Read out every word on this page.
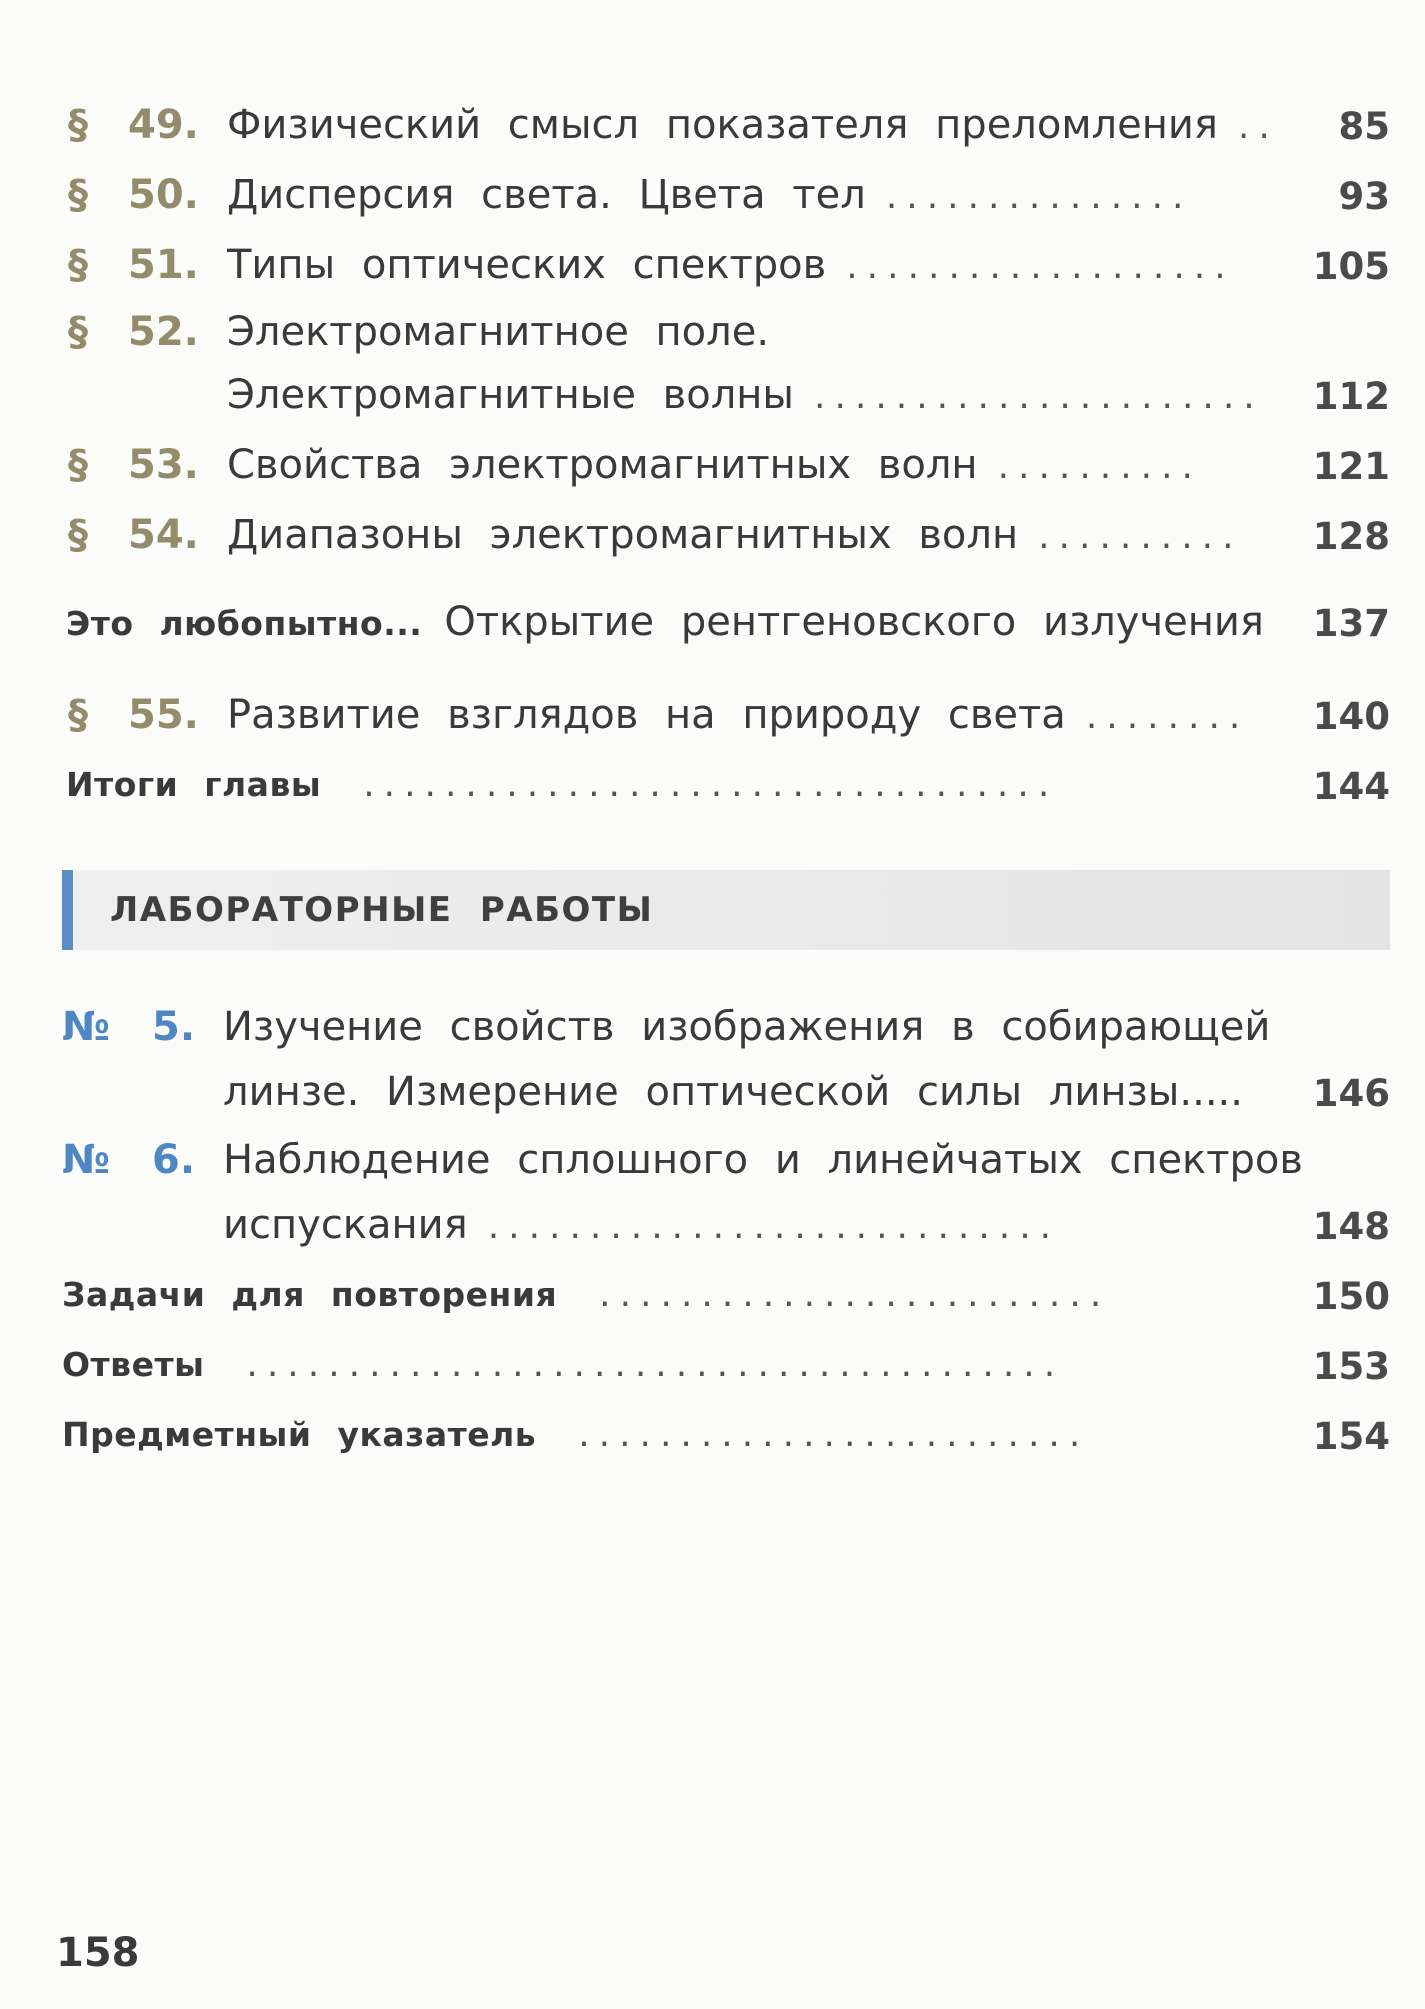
§ 49. Физический смысл показателя преломления .. 85
§ 50. Дисперсия света. Цвета тел ...............	93
§ 51. Типы оптических спектров ...................	105
§ 52. Электромагнитное поле.
Электромагнитные волны ...................... 112
§ 53. Свойства электромагнитных волн ..........	121
§ 54. Диапазоны электромагнитных волн ..........	128
Это любопытно... Открытие рентгеновского излучения 137
§ 55. Развитие взглядов на природу света ........	140
Итоги главы ..................................	144
ЛАБОРАТОРНЫЕ РАБОТЫ
№ 5. Изучение свойств изображения в собирающей
линзе. Измерение оптической силы линзы..... 146
№ 6. Наблюдение сплошного и линейчатых спектров
испускания ............................	148
Задачи для повторения .........................	150
Ответы ........................................	153
Предметный указатель .........................	154
158
